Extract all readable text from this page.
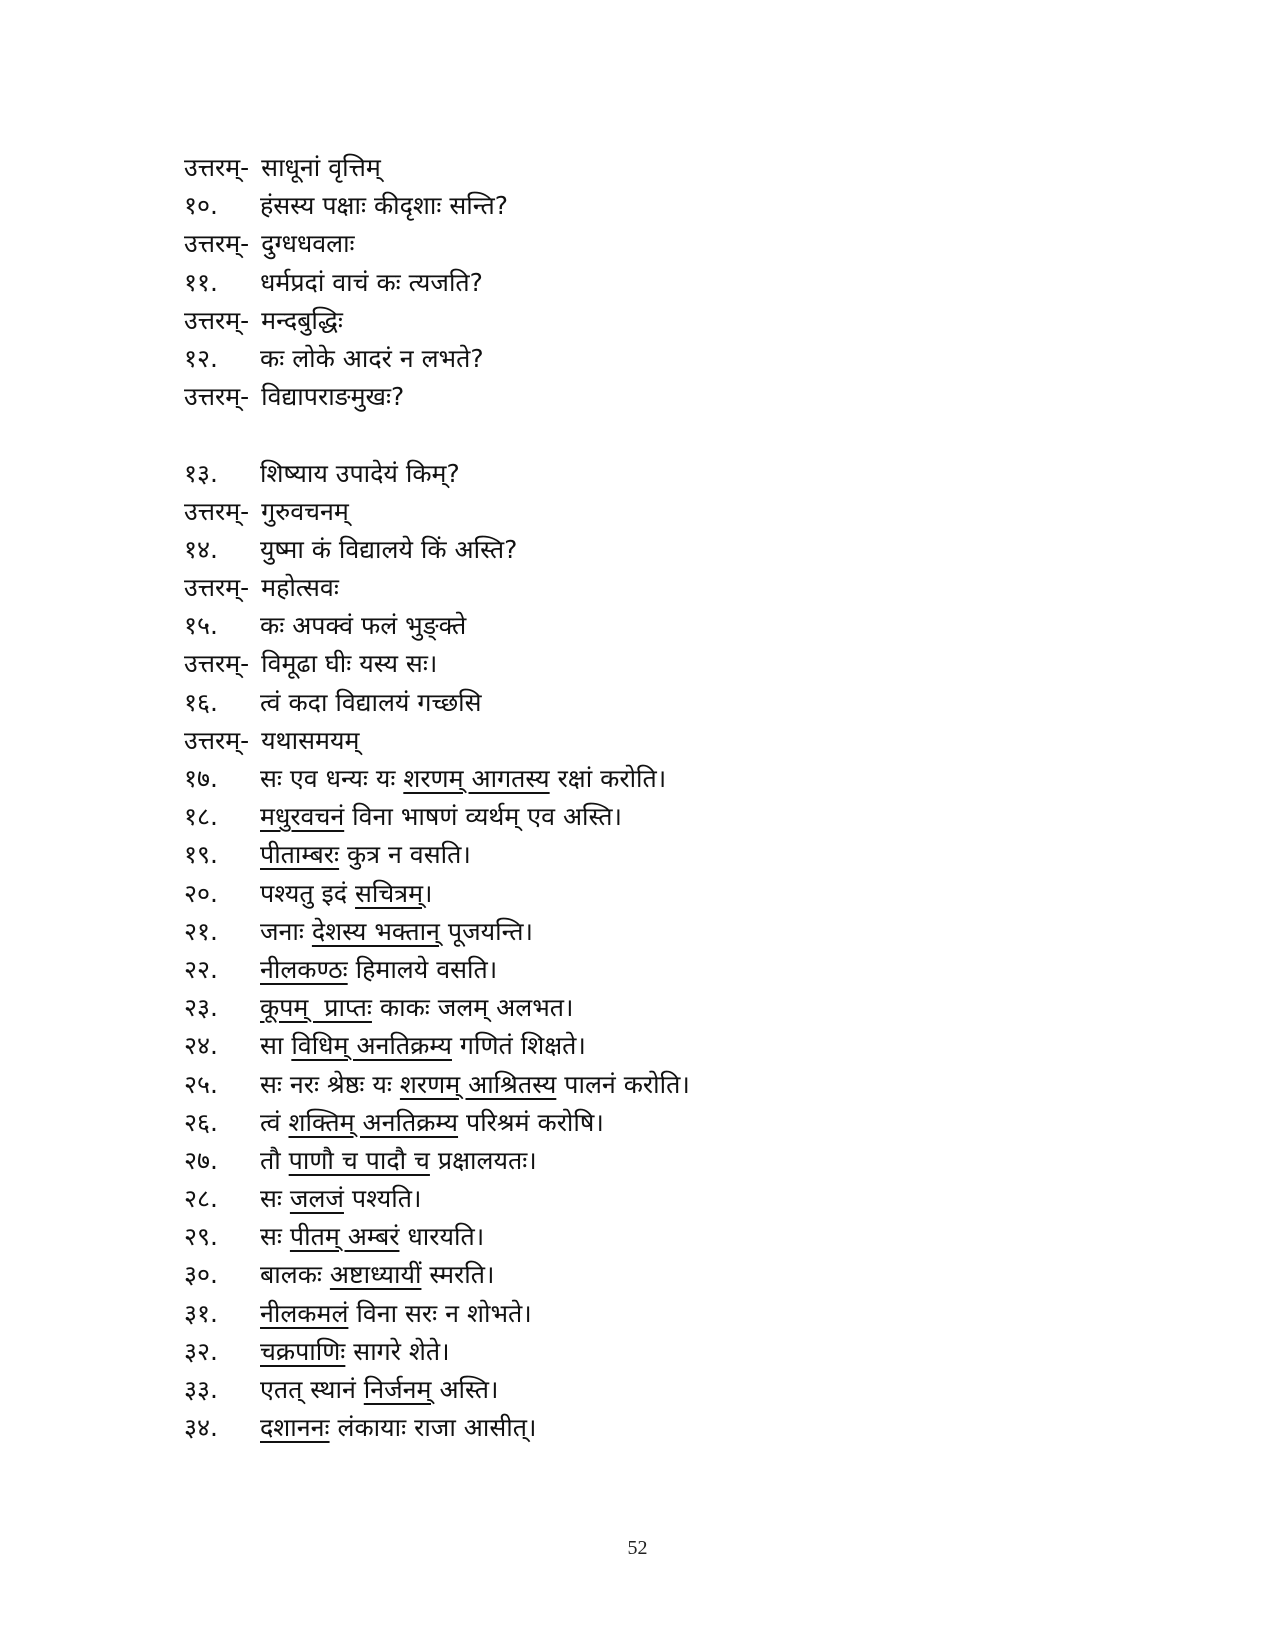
उत्तरम्- साधूनां वृत्तिम्
१०.	हंसस्य पक्षाः कीदृशाः सन्ति?
उत्तरम्- दुग्धधवलाः
११.	धर्मप्रदां वाचं कः त्यजति?
उत्तरम्- मन्दबुद्धिः
१२.	कः लोके आदरं न लभते?
उत्तरम्- विद्यापराङमुखः?
१३.	शिष्याय उपादेयं किम्?
उत्तरम्- गुरुवचनम्
१४.	युष्मा कं विद्यालये किं अस्ति?
उत्तरम्- महोत्सवः
१५.	कः अपक्वं फलं भुङ्क्ते
उत्तरम्- विमूढा घीः यस्य सः।
१६.	त्वं कदा विद्यालयं गच्छसि
उत्तरम्- यथासमयम्
१७.	सः एव धन्यः यः शरणम् आगतस्य रक्षां करोति।
१८.	मधुरवचनं विना भाषणं व्यर्थम् एव अस्ति।
१९.	पीताम्बरः कुत्र न वसति।
२०.	पश्यतु इदं सचित्रम्।
२१.	जनाः देशस्य भक्तान् पूजयन्ति।
२२.	नीलकण्ठः हिमालये वसति।
२३.	कूपम्  प्राप्तः काकः जलम् अलभत।
२४.	सा विधिम् अनतिक्रम्य गणितं शिक्षते।
२५.	सः नरः श्रेष्ठः यः शरणम् आश्रितस्य पालनं करोति।
२६.	त्वं शक्तिम् अनतिक्रम्य परिश्रमं करोषि।
२७.	तौ पाणौ च पादौ च प्रक्षालयतः।
२८.	सः जलजं पश्यति।
२९.	सः पीतम् अम्बरं धारयति।
३०.	बालकः अष्टाध्यायीं स्मरति।
३१.	नीलकमलं विना सरः न शोभते।
३२.	चक्रपाणिः सागरे शेते।
३३.	एतत् स्थानं निर्जनम् अस्ति।
३४.	दशाननः लंकायाः राजा आसीत्।
52
